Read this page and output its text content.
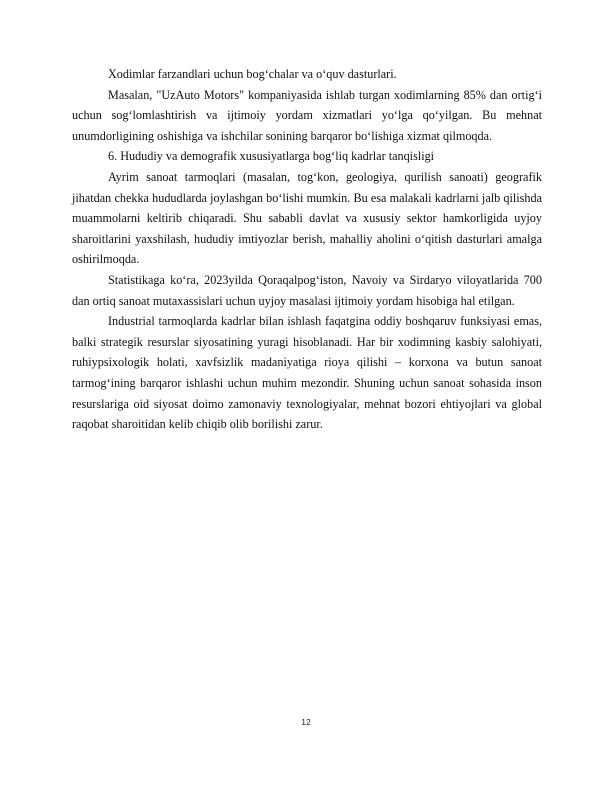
Xodimlar farzandlari uchun bog‘chalar va o‘quv dasturlari.

Masalan, "UzAuto Motors" kompaniyasida ishlab turgan xodimlarning 85% dan ortig‘i uchun sog‘lomlashtirish va ijtimoiy yordam xizmatlari yo‘lga qo‘yilgan. Bu mehnat unumdorligining oshishiga va ishchilar sonining barqaror bo‘lishiga xizmat qilmoqda.

6. Hududiy va demografik xususiyatlarga bog‘liq kadrlar tanqisligi

Ayrim sanoat tarmoqlari (masalan, tog‘kon, geologiya, qurilish sanoati) geografik jihatdan chekka hududlarda joylashgan bo‘lishi mumkin. Bu esa malakali kadrlarni jalb qilishda muammolarni keltirib chiqaradi. Shu sababli davlat va xususiy sektor hamkorligida uyjoy sharoitlarini yaxshilash, hududiy imtiyozlar berish, mahalliy aholini o‘qitish dasturlari amalga oshirilmoqda.

Statistikaga ko‘ra, 2023yilda Qoraqalpog‘iston, Navoiy va Sirdaryo viloyatlarida 700 dan ortiq sanoat mutaxassislari uchun uyjoy masalasi ijtimoiy yordam hisobiga hal etilgan.

Industrial tarmoqlarda kadrlar bilan ishlash faqatgina oddiy boshqaruv funksiyasi emas, balki strategik resurslar siyosatining yuragi hisoblanadi. Har bir xodimning kasbiy salohiyati, ruhiypsixologik holati, xavfsizlik madaniyatiga rioya qilishi – korxona va butun sanoat tarmog‘ining barqaror ishlashi uchun muhim mezondir. Shuning uchun sanoat sohasida inson resurslariga oid siyosat doimo zamonaviy texnologiyalar, mehnat bozori ehtiyojlari va global raqobat sharoitidan kelib chiqib olib borilishi zarur.

12
